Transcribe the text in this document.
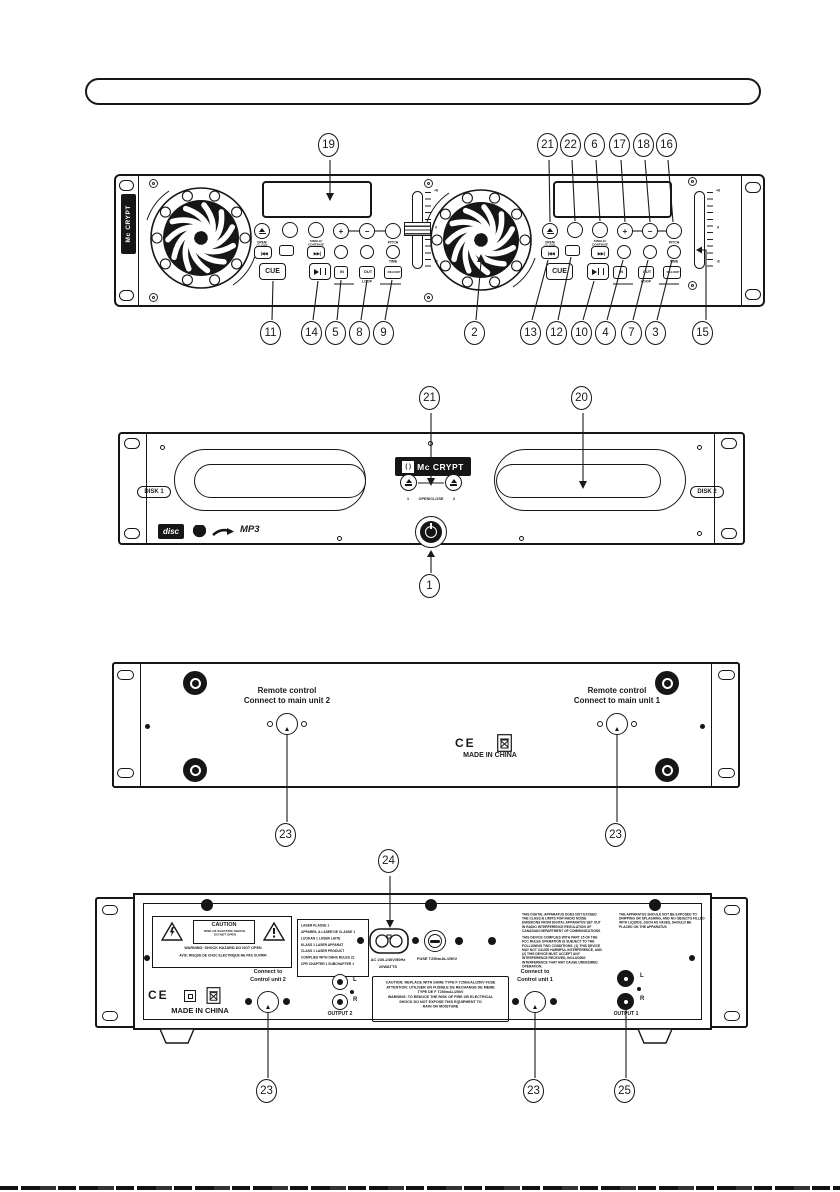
Mc CRYPT
OPEN/	SINGLE/
CONTINUE
+	−
PITCH
|◀◀	▶▶|
TIME
CUE	IN	OUT	RELOOP
LOOP
+8
0
-8
OPEN/	SINGLE/
CONTINUE
+	−
PITCH
|◀◀	▶▶|
TIME
CUE	IN	OUT	RELOOP
LOOP
+8
0
-8
DISK 1	DISK 2
( ) Mc CRYPT
1	OPEN/CLOSE	2
disc	MP3
Remote control
Connect to main unit 2
Remote control
Connect to main unit 1
CE
MADE IN CHINA
CAUTION
RISK OF ELECTRIC SHOCK,
DO NOT OPEN
WARNING: SHOCK HAZARD-DO NOT OPEN
AVIS: RISQUE DE CHOC ELECTRIQUE-NE PAS OUVRIR
LASER KLASSE 1
APPAREIL A LASER DE CLASSE 1
LUOKAN 1 LASER LAITE
KLASS 1 LASER APPARAT
CLASS 1 LASER PRODUCT
COMPLIES WITH DHHS RULES 21
CFR CHAPTER 1 SUBCHAPTER J
AC 230-240V/50Hz
20WATTS
FUSE T250mAL/250V
THIS DIGITAL APPARATUS DOES NOT EXCEED THE CLASS B LIMITS FOR RADIO NOISE EMISSIONS FROM DIGITAL APPARATUS SET OUT IN RADIO INTERFERENCE REGULATION OF CANADIAN DEPARTMENT OF COMMUNICATIONS
THIS DEVICE COMPLIES WITH PART 15 OF THE FCC RULES OPERATION IS SUBJECT TO THE FOLLOWING TWO CONDITIONS: (1) THIS DEVICE MAY NOT CAUSE HARMFUL INTERFERENCE, AND (2) THIS DEVICE MUST ACCEPT ANY INTERFERENCE RECEIVED, INCLUDING INTERFERENCE THAT MAY CAUSE UNDESIRED OPERATION.
THE APPARATUS SHOULD NOT BE EXPOSED TO DRIPPING OR SPLASHING, AND NO OBJECTS FILLED WITH LIQUIDS, SUCH AS VASES, SHOULD BE PLACED ON THE APPARATUS
CE
MADE IN CHINA
Connect to
Control unit 2	L
R
OUTPUT 2
CAUTION: REPLACE WITH SAME TYPE F T250mAL/250V FUSE
ATTENTION: UTILISER UN FUSIBLE DE RECHANGE DE MEME
TYPE DE F T250mAL/250V
WARNING: TO REDUCE THE RISK OF FIRE OR ELECTRICAL
SHOCK DO NOT EXPOSE THIS EQUIPMENT TO
RAIN OR MOISTURE
Connect to
Control unit 1
L
R
OUTPUT 1
19	21 22 6 17 18 16
11 14 5 8 9	2	13 12 10 4 7 3	15
21	20
1
23	23
24
23	23	25
